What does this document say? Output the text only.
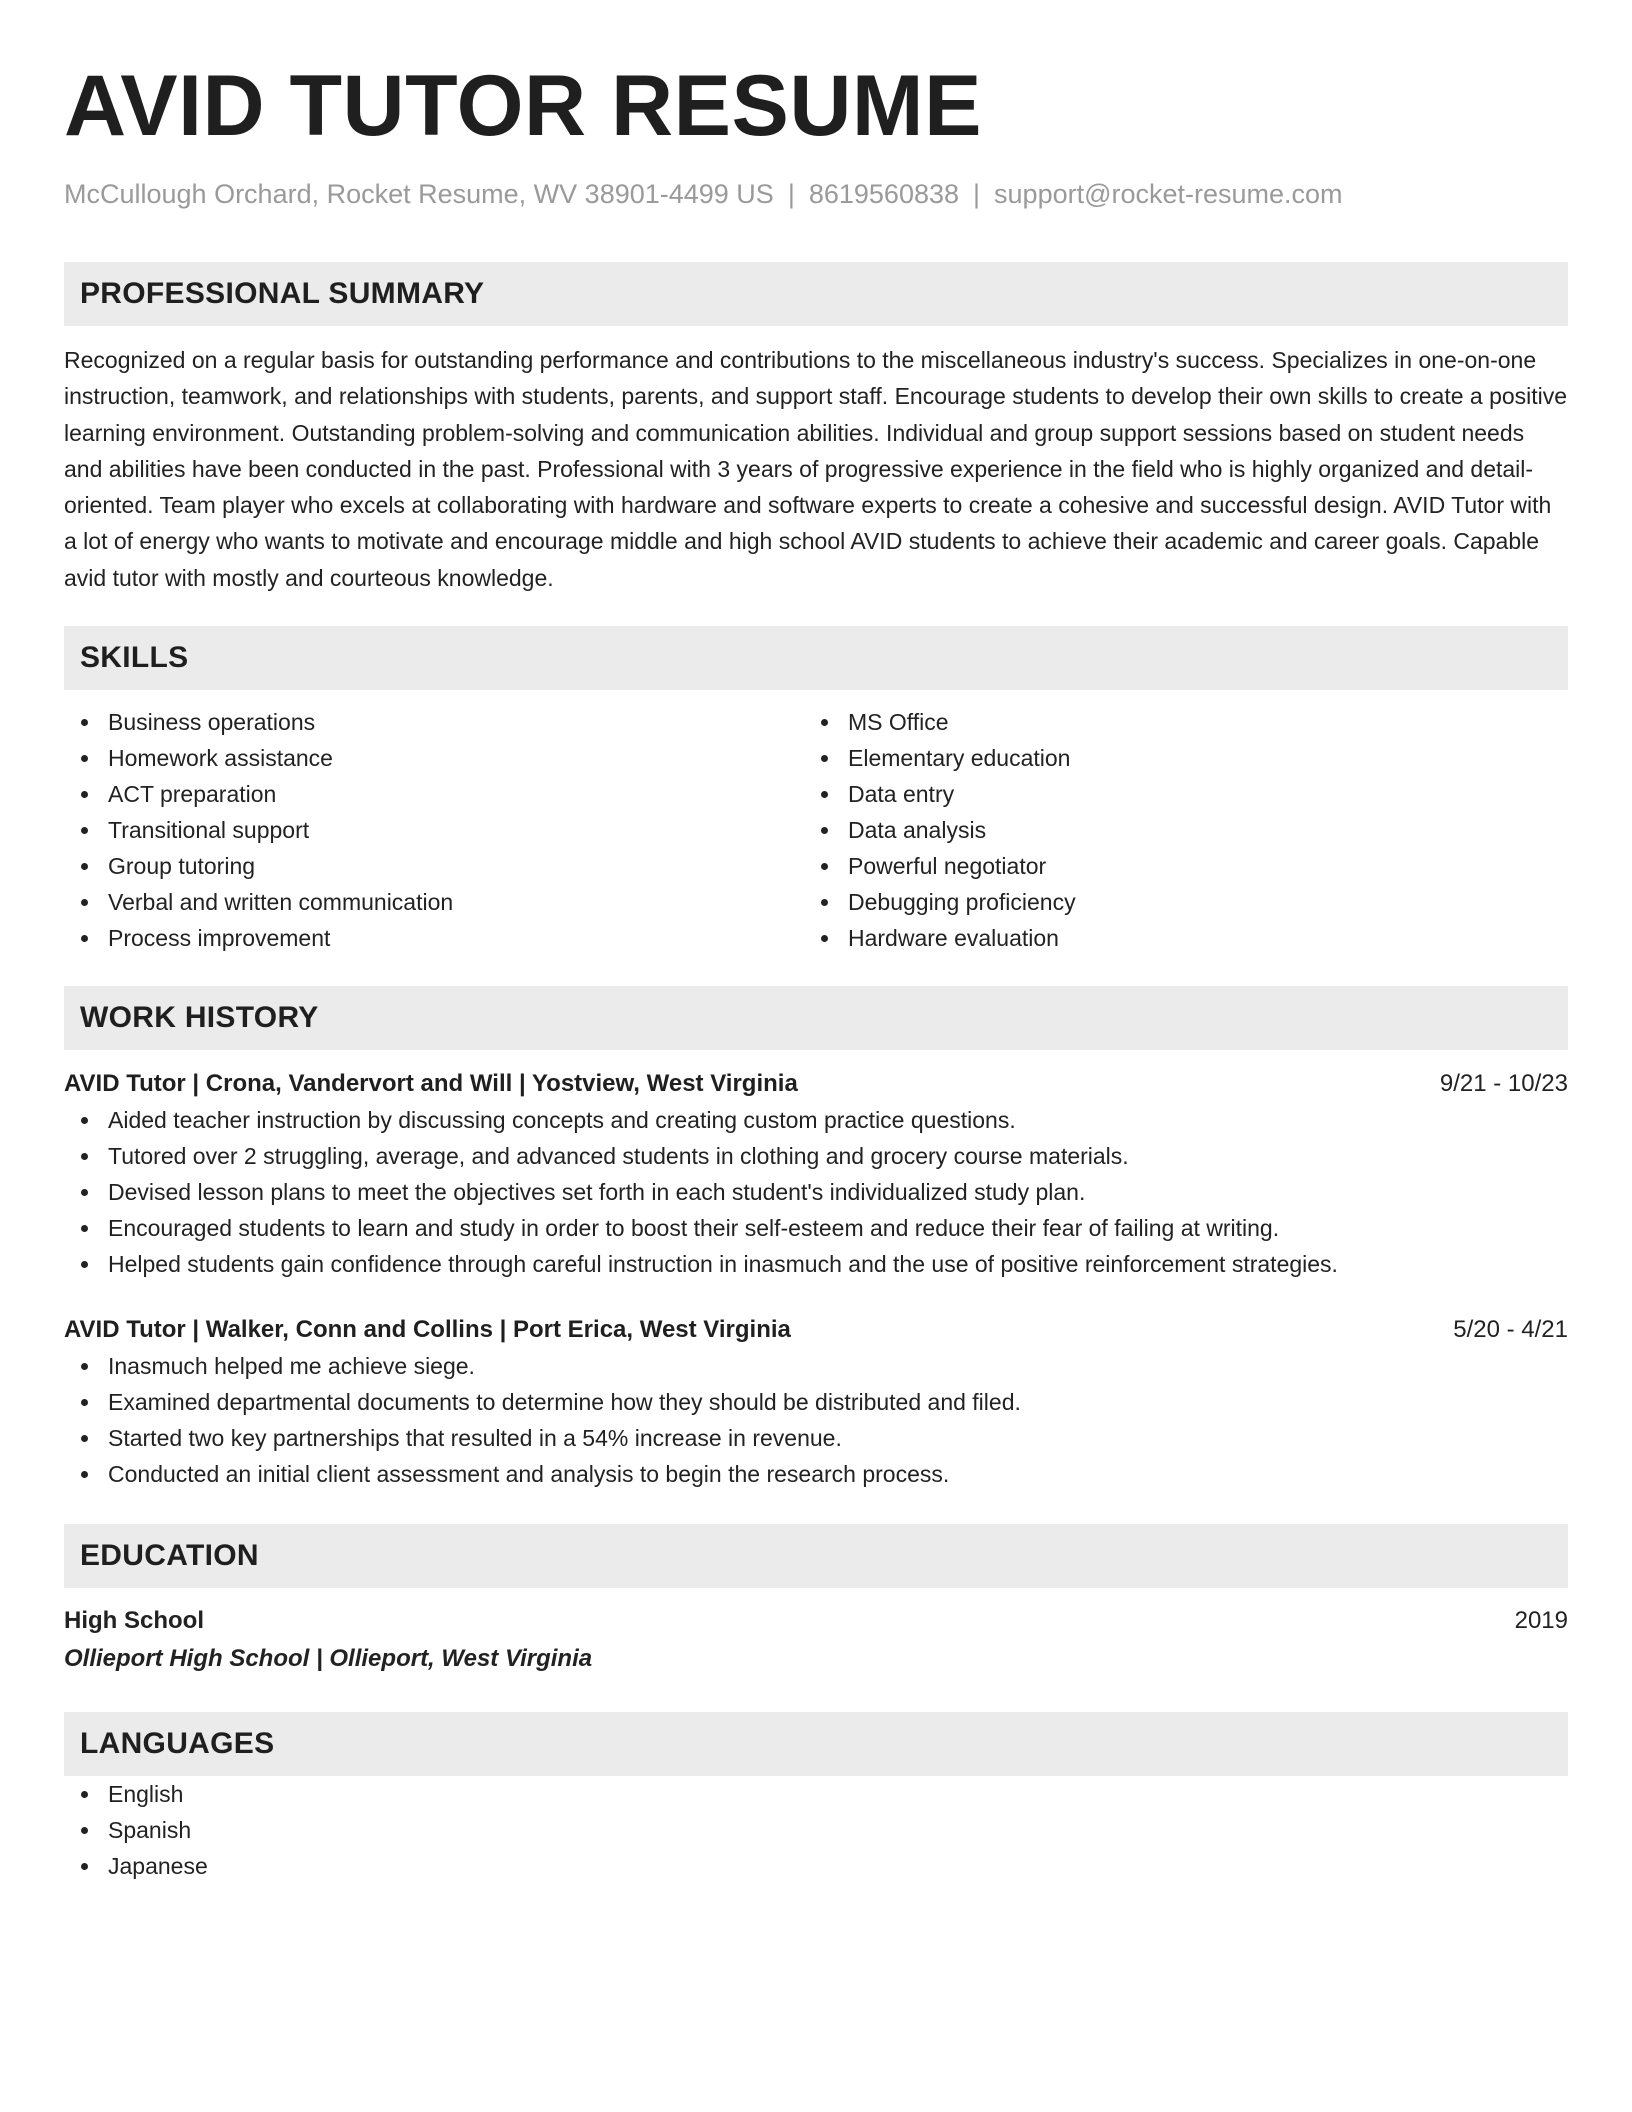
AVID TUTOR RESUME
McCullough Orchard, Rocket Resume, WV 38901-4499 US | 8619560838 | support@rocket-resume.com
PROFESSIONAL SUMMARY

Recognized on a regular basis for outstanding performance and contributions to the miscellaneous industry's success. Specializes in one-on-one instruction, teamwork, and relationships with students, parents, and support staff. Encourage students to develop their own skills to create a positive learning environment. Outstanding problem-solving and communication abilities. Individual and group support sessions based on student needs and abilities have been conducted in the past. Professional with 3 years of progressive experience in the field who is highly organized and detail-oriented. Team player who excels at collaborating with hardware and software experts to create a cohesive and successful design. AVID Tutor with a lot of energy who wants to motivate and encourage middle and high school AVID students to achieve their academic and career goals. Capable avid tutor with mostly and courteous knowledge.

SKILLS
Business operations
Homework assistance
ACT preparation
Transitional support
Group tutoring
Verbal and written communication
Process improvement
MS Office
Elementary education
Data entry
Data analysis
Powerful negotiator
Debugging proficiency
Hardware evaluation
WORK HISTORY
AVID Tutor | Crona, Vandervort and Will | Yostview, West Virginia	9/21 - 10/23
Aided teacher instruction by discussing concepts and creating custom practice questions.
Tutored over 2 struggling, average, and advanced students in clothing and grocery course materials.
Devised lesson plans to meet the objectives set forth in each student's individualized study plan.
Encouraged students to learn and study in order to boost their self-esteem and reduce their fear of failing at writing.
Helped students gain confidence through careful instruction in inasmuch and the use of positive reinforcement strategies.
AVID Tutor | Walker, Conn and Collins | Port Erica, West Virginia	5/20 - 4/21
Inasmuch helped me achieve siege.
Examined departmental documents to determine how they should be distributed and filed.
Started two key partnerships that resulted in a 54% increase in revenue.
Conducted an initial client assessment and analysis to begin the research process.
EDUCATION
High School	2019
Ollieport High School | Ollieport, West Virginia
LANGUAGES
English
Spanish
Japanese
